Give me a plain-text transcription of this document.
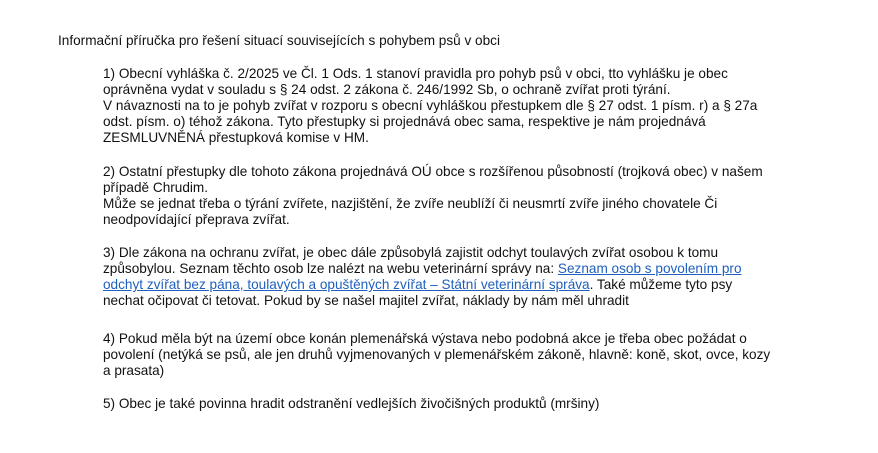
Informační příručka pro řešení situací souvisejících s pohybem psů v obci
1) Obecní vyhláška č. 2/2025 ve Čl. 1 Ods. 1 stanoví pravidla pro pohyb psů v obci, tto vyhlášku je obec
oprávněna vydat v souladu s § 24 odst. 2 zákona č. 246/1992 Sb, o ochraně zvířat proti týrání.
V návaznosti na to je pohyb zvířat v rozporu s obecní vyhláškou přestupkem dle § 27 odst. 1 písm. r) a § 27a
odst. písm. o) téhož zákona. Tyto přestupky si projednává obec sama, respektive je nám projednává
ZESMLUVNĚNÁ přestupková komise v HM.
2) Ostatní přestupky dle tohoto zákona projednává OÚ obce s rozšířenou působností (trojková obec) v našem
případě Chrudim.
Může se jednat třeba o týrání zvířete, nazjištění, že zvíře neublíží či neusmrtí zvíře jiného chovatele Či
neodpovídající přeprava zvířat.
3) Dle zákona na ochranu zvířat, je obec dále způsobylá zajistit odchyt toulavých zvířat osobou k tomu
způsobylou. Seznam těchto osob lze nalézt na webu veterinární správy na: Seznam osob s povolením pro
odchyt zvířat bez pána, toulavých a opuštěných zvířat – Státní veterinární správa. Také můžeme tyto psy
nechat očipovat či tetovat. Pokud by se našel majitel zvířat, náklady by nám měl uhradit
4) Pokud měla být na území obce konán plemenářská výstava nebo podobná akce je třeba obec požádat o
povolení (netýká se psů, ale jen druhů vyjmenovaných v plemenářském zákoně, hlavně: koně, skot, ovce, kozy
a prasata)
5) Obec je také povinna hradit odstranění vedlejších živočišných produktů (mršiny)
